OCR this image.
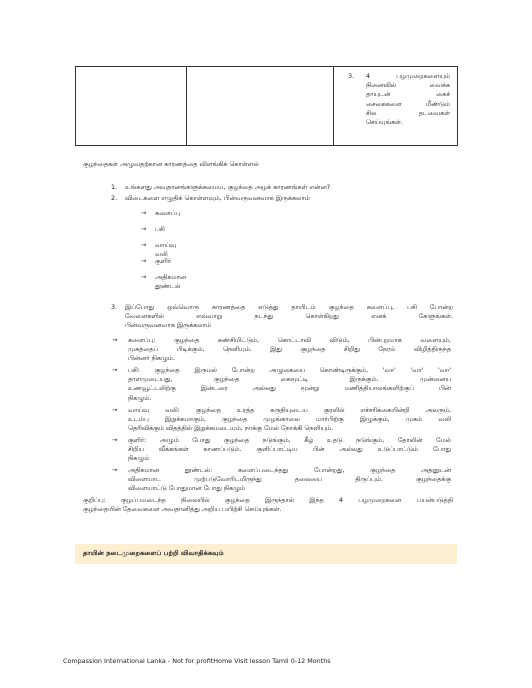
3. 4 பழமுறைகளையும்
நினைவில் வைக்க
தாயுடன் கைச்
சைகைகளை மீண்டும்
சில தடவைகள்
செய்யுங்கள்.
குழந்தைகள் அழுவதற்கான காரணத்தை விளங்கிக் கொள்ளல்
1. உங்களது அவதானங்களுக்கமைய, குழந்தை அழக் காரணங்கள் என்ன?
2. விடைகளை எழுதிக் கொள்ளவும், பின்வருவனவாக இருக்கலாம்
→ களைப்பு
→ பசி
→ வாய்வு வலி
→ குளிர்
→ அதிகமான தூண்டல்
3. இப்போது ஒவ்வொரு காரணத்தை எடுத்து தாயிடம் குழந்தை களைப்பு, பசி போன்ற
வேளைகளில் எவ்வாறு நடந்து கொள்கிறது எனக் கேளுங்கள்.
பின்வருவனவாக இருக்கலாம்
→ களைப்பு: குழந்தை கண்சிமிட்டும், கொட்டாவி விடும், பின்புறமாக வளையும்,
முகத்தைப் பிடிக்கும், நெளியும். இது குழந்தை சிறிது நேரம் விழித்திருந்த
பின்னர் நிகழும்.
→ பசி: குழந்தை இருமல் போன்ற அழுகையை கொண்டிருக்கும், 'வா' 'வா' 'வா'
தாளமுடையது, குழந்தை கைமூட்டி இருக்கும். முன்னைய
உணவூட்டலிற்கு இன்டரை அல்லது மூன்று மணித்தியாலங்களிற்குப் பின்
நிகழும்.
→ வாய்வு வலி: குழந்தை உரத்த சுருதியுடைய குரலில் எச்சரிக்கையின்றி அலரும்,
உடம்பு இறுக்கமாகும், குழந்தை முழங்காலை மார்பிற்கு இழுக்கும், முகம் வலி
தெரிவிக்கும் விதத்தில் இறுக்கமடையும், நாக்கு மேல் நோக்கி நெளியும்.
→ குளிர்: அழும் போது குழந்தை நடுங்கும், கீழ் உதடு நடுங்கும், தோலின் மேல்
சிறிய வீக்கங்கள் காணப்படும். குளிப்பாட்டிய பின் அல்லது உடுப்பாட்டும் போது
நிகழும்
→ அதிகமான தூண்டல்: களைப்படைந்தது போன்றது, குழந்தை அதனுடன்
விளையாட முற்படுவோரிடமிருந்து தலையை திருப்பும். குழந்தைக்கு
விளையாட்டு போதுமான போது நிகழும்
குறிப்பு: குழப்பமடைந்த நிலையில் குழந்தை இருந்தால் இந்த 4 பழமுறைகளை பயன்படுத்தி
குழந்தையின் தேவைகளை அவதானித்து அறிய பயிற்சி செய்யுங்கள்.
தாயின் நடைமுறைகளைப் பற்றி விவாதிக்கவும்
Compassion International Lanka - Not for profitHome Visit lesson Tamil 0-12 Months
